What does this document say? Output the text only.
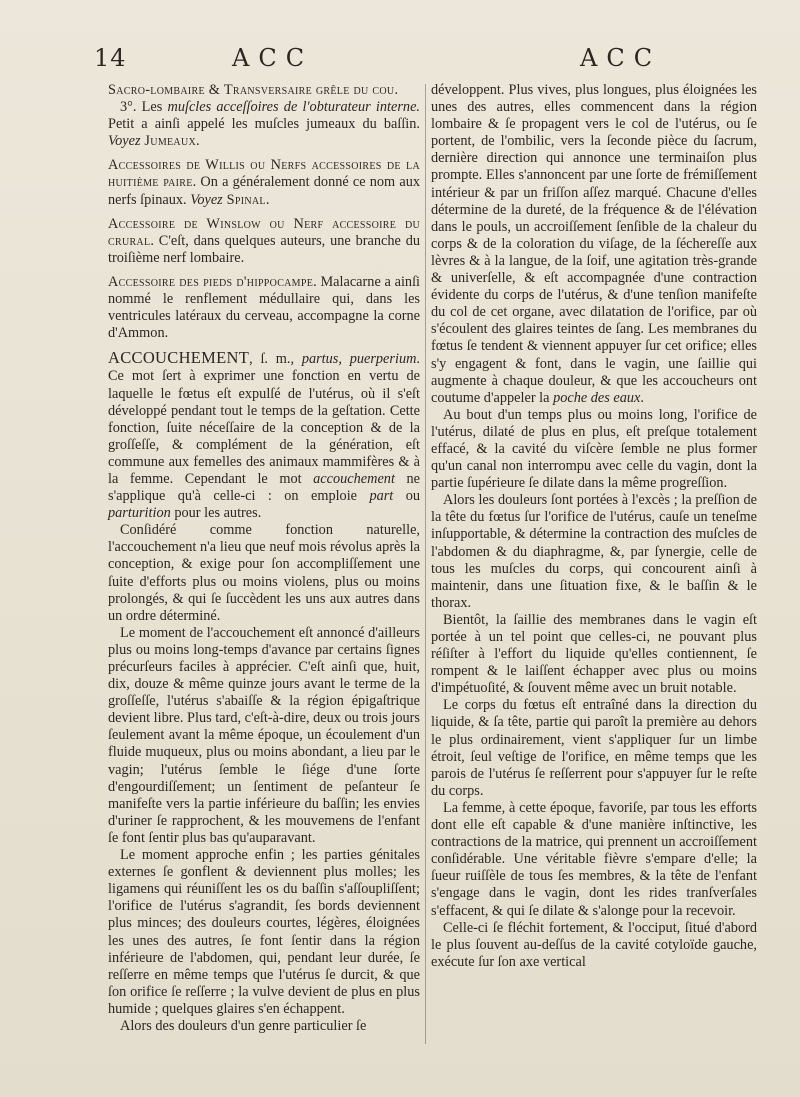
14	ACC	ACC

Sacro-lombaire & Transversaire grêle du cou.

3°. Les muſcles acceſſoires de l'obturateur interne. Petit a ainſi appelé les muſcles jumeaux du baſſin. Voyez Jumeaux.

Accessoires de Willis ou Nerfs accessoires de la huitième paire. On a généralement donné ce nom aux nerfs ſpinaux. Voyez Spinal.

Accessoire de Winslow ou Nerf accessoire du crural. C'eſt, dans quelques auteurs, une branche du troiſième nerf lombaire.

Accessoire des pieds d'hippocampe. Malacarne a ainſi nommé le renflement médullaire qui, dans les ventricules latéraux du cerveau, accompagne la corne d'Ammon.

ACCOUCHEMENT, ſ. m., partus, puerperium. Ce mot ſert à exprimer une fonction en vertu de laquelle le fœtus eſt expulſé de l'utérus, où il s'eſt développé pendant tout le temps de la geſtation. Cette fonction, ſuite néceſſaire de la conception & de la groſſeſſe, & complément de la génération, eſt commune aux femelles des animaux mammifères & à la femme. Cependant le mot accouchement ne s'applique qu'à celle-ci : on emploie part ou parturition pour les autres.

Conſidéré comme fonction naturelle, l'accouchement n'a lieu que neuf mois révolus après la conception, & exige pour ſon accompliſſement une ſuite d'efforts plus ou moins violens, plus ou moins prolongés, & qui ſe ſuccèdent les uns aux autres dans un ordre déterminé.

Le moment de l'accouchement eſt annoncé d'ailleurs plus ou moins long-temps d'avance par certains ſignes précurſeurs faciles à apprécier. C'eſt ainſi que, huit, dix, douze & même quinze jours avant le terme de la groſſeſſe, l'utérus s'abaiſſe & la région épigaſtrique devient libre. Plus tard, c'eſt-à-dire, deux ou trois jours ſeulement avant la même époque, un écoulement d'un fluide muqueux, plus ou moins abondant, a lieu par le vagin; l'utérus ſemble le ſiége d'une ſorte d'engourdiſſement; un ſentiment de peſanteur ſe manifeſte vers la partie inférieure du baſſin; les envies d'uriner ſe rapprochent, & les mouvemens de l'enfant ſe font ſentir plus bas qu'auparavant.

Le moment approche enfin ; les parties génitales externes ſe gonflent & deviennent plus molles; les ligamens qui réuniſſent les os du baſſin s'aſſoupliſſent; l'orifice de l'utérus s'agrandit, ſes bords deviennent plus minces; des douleurs courtes, légères, éloignées les unes des autres, ſe font ſentir dans la région inférieure de l'abdomen, qui, pendant leur durée, ſe reſſerre en même temps que l'utérus ſe durcit, & que ſon orifice ſe reſſerre ; la vulve devient de plus en plus humide ; quelques glaires s'en échappent.

Alors des douleurs d'un genre particulier ſe

développent. Plus vives, plus longues, plus éloignées les unes des autres, elles commencent dans la région lombaire & ſe propagent vers le col de l'utérus, ou ſe portent, de l'ombilic, vers la ſeconde pièce du ſacrum, dernière direction qui annonce une terminaiſon plus prompte. Elles s'annoncent par une ſorte de frémiſſement intérieur & par un friſſon aſſez marqué. Chacune d'elles détermine de la dureté, de la fréquence & de l'élévation dans le pouls, un accroiſſement ſenſible de la chaleur du corps & de la coloration du viſage, de la ſéchereſſe aux lèvres & à la langue, de la ſoif, une agitation très-grande & univerſelle, & eſt accompagnée d'une contraction évidente du corps de l'utérus, & d'une tenſion manifeſte du col de cet organe, avec dilatation de l'orifice, par où s'écoulent des glaires teintes de ſang. Les membranes du fœtus ſe tendent & viennent appuyer ſur cet orifice; elles s'y engagent & font, dans le vagin, une ſaillie qui augmente à chaque douleur, & que les accoucheurs ont coutume d'appeler la poche des eaux.

Au bout d'un temps plus ou moins long, l'orifice de l'utérus, dilaté de plus en plus, eſt preſque totalement effacé, & la cavité du viſcère ſemble ne plus former qu'un canal non interrompu avec celle du vagin, dont la partie ſupérieure ſe dilate dans la même progreſſion.

Alors les douleurs ſont portées à l'excès ; la preſſion de la tête du fœtus ſur l'orifice de l'utérus, cauſe un teneſme inſupportable, & détermine la contraction des muſcles de l'abdomen & du diaphragme, &, par ſynergie, celle de tous les muſcles du corps, qui concourent ainſi à maintenir, dans une ſituation fixe, & le baſſin & le thorax.

Bientôt, la ſaillie des membranes dans le vagin eſt portée à un tel point que celles-ci, ne pouvant plus réſiſter à l'effort du liquide qu'elles contiennent, ſe rompent & le laiſſent échapper avec plus ou moins d'impétuoſité, & ſouvent même avec un bruit notable.

Le corps du fœtus eſt entraîné dans la direction du liquide, & ſa tête, partie qui paroît la première au dehors le plus ordinairement, vient s'appliquer ſur un limbe étroit, ſeul veſtige de l'orifice, en même temps que les parois de l'utérus ſe reſſerrent pour s'appuyer ſur le reſte du corps.

La femme, à cette époque, favoriſe, par tous les efforts dont elle eſt capable & d'une manière inſtinctive, les contractions de la matrice, qui prennent un accroiſſement conſidérable. Une véritable fièvre s'empare d'elle; la ſueur ruiſſèle de tous ſes membres, & la tête de l'enfant s'engage dans le vagin, dont les rides tranſverſales s'effacent, & qui ſe dilate & s'alonge pour la recevoir.

Celle-ci ſe fléchit fortement, & l'occiput, ſitué d'abord le plus ſouvent au-deſſus de la cavité cotyloïde gauche, exécute ſur ſon axe vertical
